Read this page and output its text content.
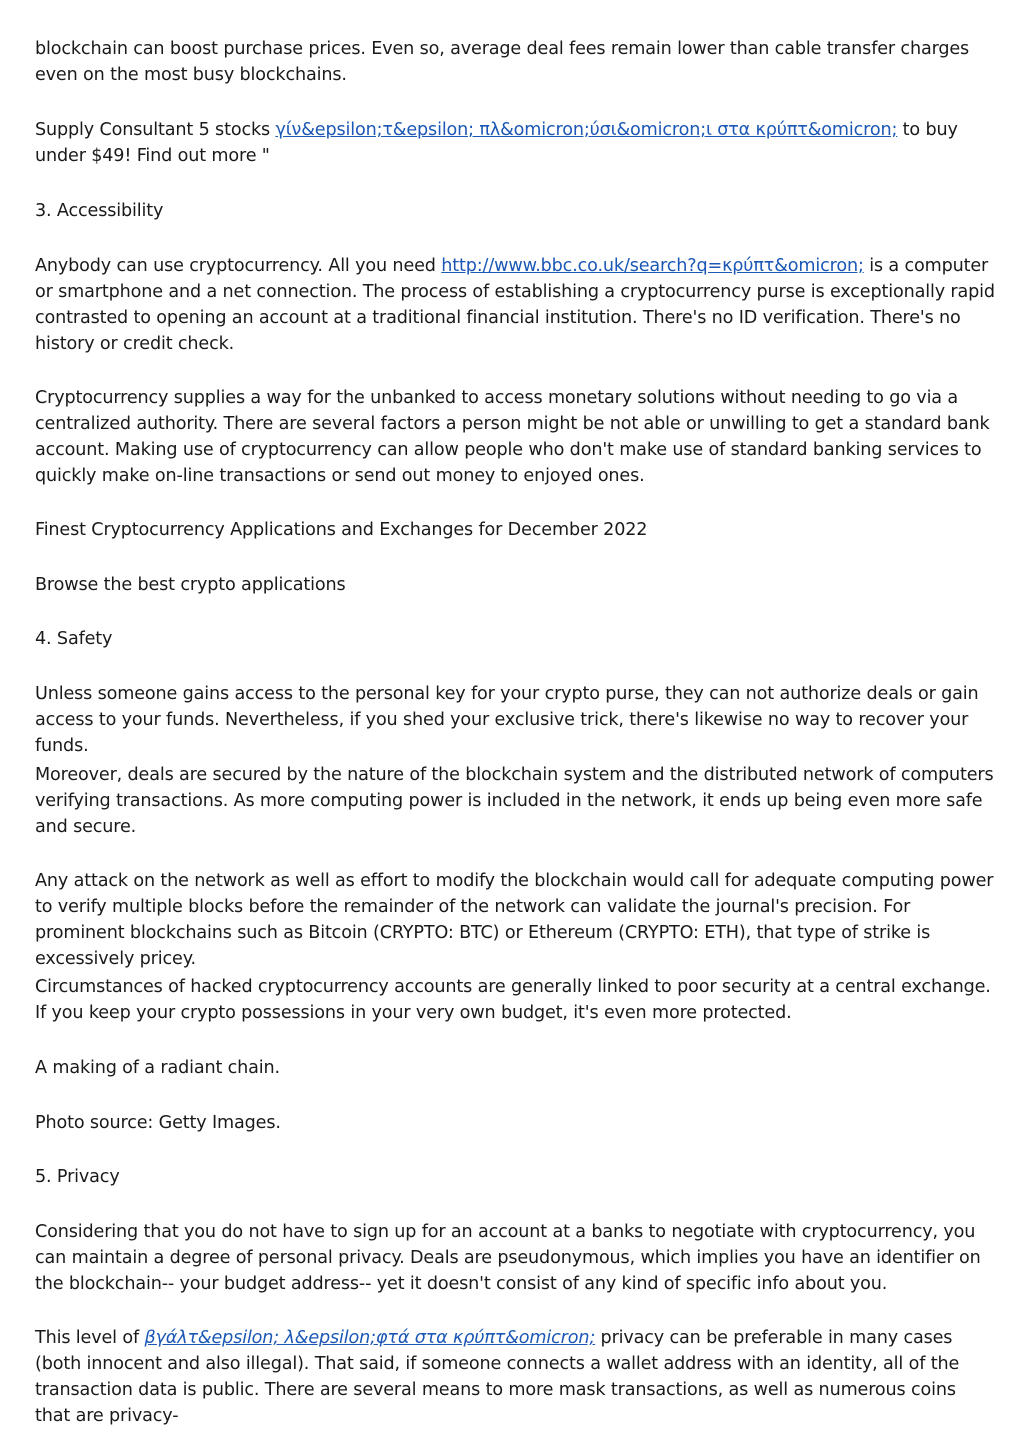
blockchain can boost purchase prices. Even so, average deal fees remain lower than cable transfer charges even on the most busy blockchains.

Supply Consultant 5 stocks γίν&epsilon;τ&epsilon; πλ&omicron;ύσι&omicron;ι στα κρύπτ&omicron; to buy under $49! Find out more "

3. Accessibility

Anybody can use cryptocurrency. All you need http://www.bbc.co.uk/search?q=κρύπτ&omicron; is a computer or smartphone and a net connection. The process of establishing a cryptocurrency purse is exceptionally rapid contrasted to opening an account at a traditional financial institution. There's no ID verification. There's no history or credit check.

Cryptocurrency supplies a way for the unbanked to access monetary solutions without needing to go via a centralized authority. There are several factors a person might be not able or unwilling to get a standard bank account. Making use of cryptocurrency can allow people who don't make use of standard banking services to quickly make on-line transactions or send out money to enjoyed ones.

Finest Cryptocurrency Applications and Exchanges for December 2022

Browse the best crypto applications

4. Safety

Unless someone gains access to the personal key for your crypto purse, they can not authorize deals or gain access to your funds. Nevertheless, if you shed your exclusive trick, there's likewise no way to recover your funds.

Moreover, deals are secured by the nature of the blockchain system and the distributed network of computers verifying transactions. As more computing power is included in the network, it ends up being even more safe and secure.

Any attack on the network as well as effort to modify the blockchain would call for adequate computing power to verify multiple blocks before the remainder of the network can validate the journal's precision. For prominent blockchains such as Bitcoin (CRYPTO: BTC) or Ethereum (CRYPTO: ETH), that type of strike is excessively pricey.

Circumstances of hacked cryptocurrency accounts are generally linked to poor security at a central exchange. If you keep your crypto possessions in your very own budget, it's even more protected.

A making of a radiant chain.

Photo source: Getty Images.

5. Privacy

Considering that you do not have to sign up for an account at a banks to negotiate with cryptocurrency, you can maintain a degree of personal privacy. Deals are pseudonymous, which implies you have an identifier on the blockchain-- your budget address-- yet it doesn't consist of any kind of specific info about you.

This level of βγάλτ&epsilon; λ&epsilon;φτά στα κρύπτ&omicron; privacy can be preferable in many cases (both innocent and also illegal). That said, if someone connects a wallet address with an identity, all of the transaction data is public. There are several means to more mask transactions, as well as numerous coins that are privacy-
